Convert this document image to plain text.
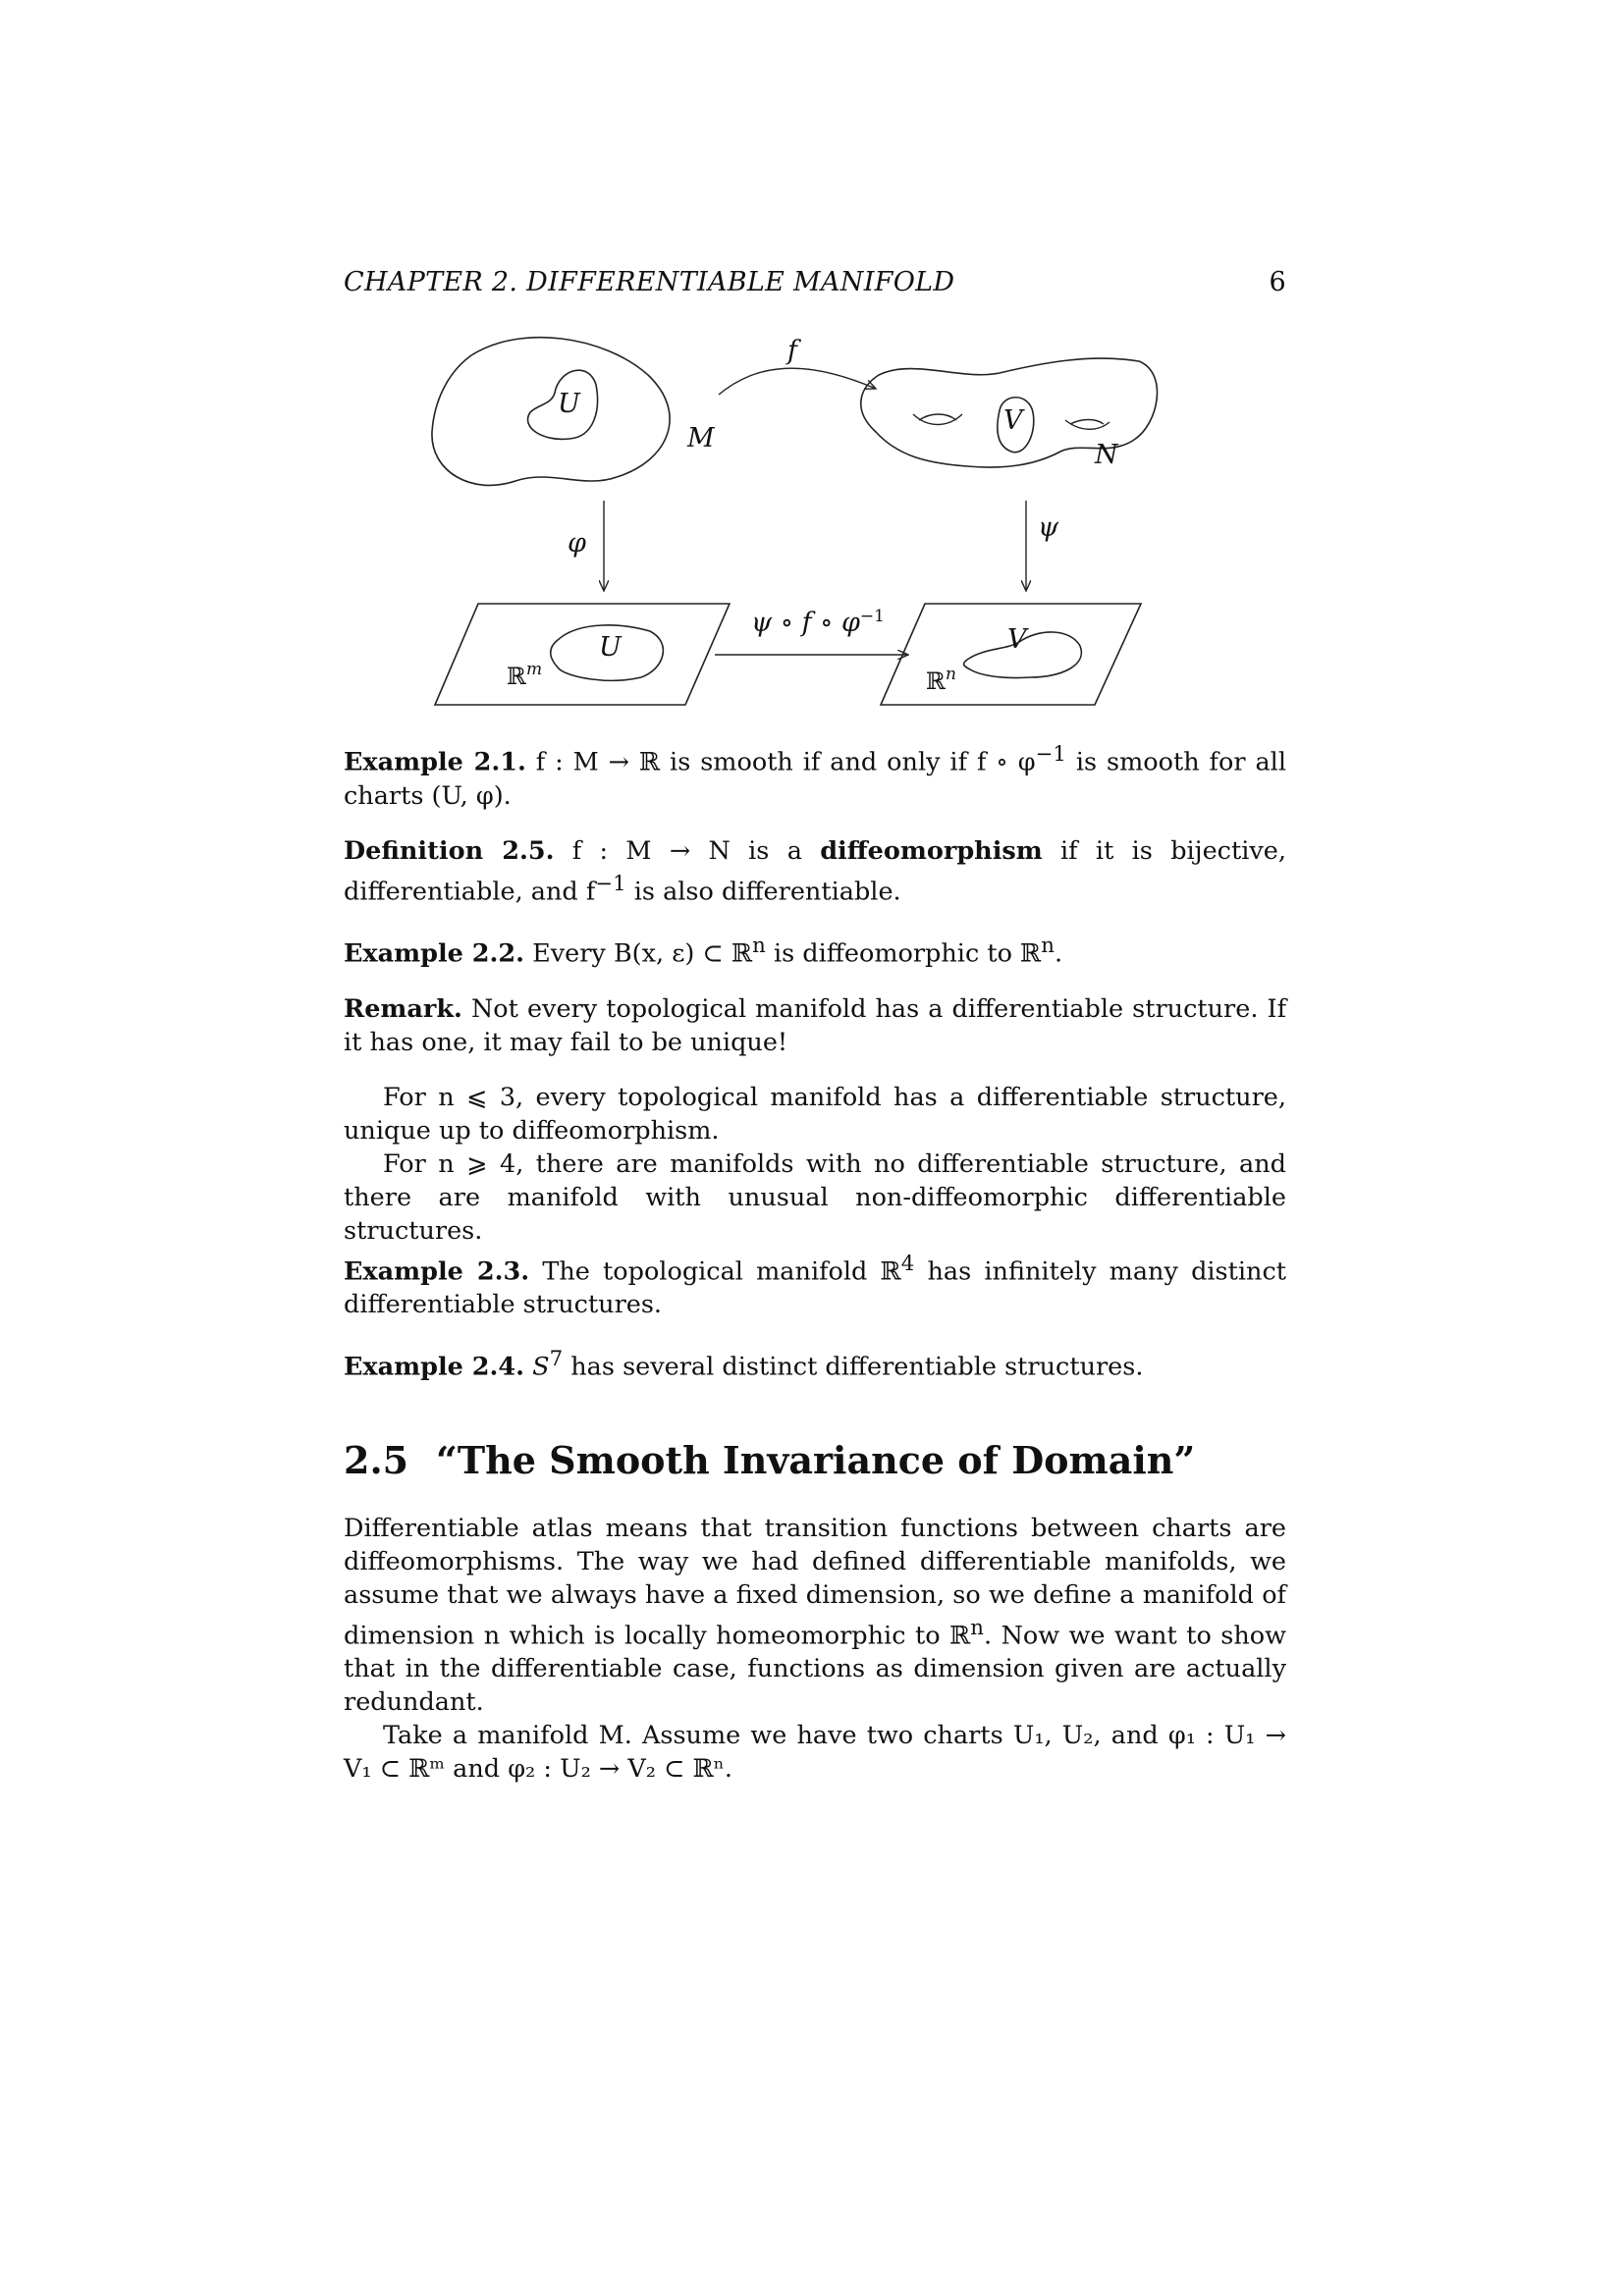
CHAPTER 2. DIFFERENTIABLE MANIFOLD	6
U
M
f
V
N
φ
ψ
U
ℝ$^m$
ψ ∘ f ∘ $\varphi^{-1}$
V
ℝ$^n$

Example 2.1. f : M → ℝ is smooth if and only if f ∘ $\varphi^{-1}$ is smooth for all charts (U, φ).

Definition 2.5. f : M → N is a diffeomorphism if it is bijective, differentiable, and $f^{-1}$ is also differentiable.

Example 2.2. Every B(x, ε) ⊂ ℝ$^n$ is diffeomorphic to ℝ$^n$.

Remark. Not every topological manifold has a differentiable structure. If it has one, it may fail to be unique!

For n ⩽ 3, every topological manifold has a differentiable structure, unique up to diffeomorphism.

For n ⩾ 4, there are manifolds with no differentiable structure, and there are manifold with unusual non-diffeomorphic differentiable structures.

Example 2.3. The topological manifold ℝ$^4$ has infinitely many distinct differentiable structures.

Example 2.4. $S^7$ has several distinct differentiable structures.

2.5 “The Smooth Invariance of Domain”

Differentiable atlas means that transition functions between charts are diffeomorphisms. The way we had defined differentiable manifolds, we assume that we always have a fixed dimension, so we define a manifold of dimension n which is locally homeomorphic to ℝ$^n$. Now we want to show that in the differentiable case, functions as dimension given are actually redundant.

Take a manifold M. Assume we have two charts U₁, U₂, and φ₁ : U₁ → V₁ ⊂ ℝᵐ and φ₂ : U₂ → V₂ ⊂ ℝⁿ.
